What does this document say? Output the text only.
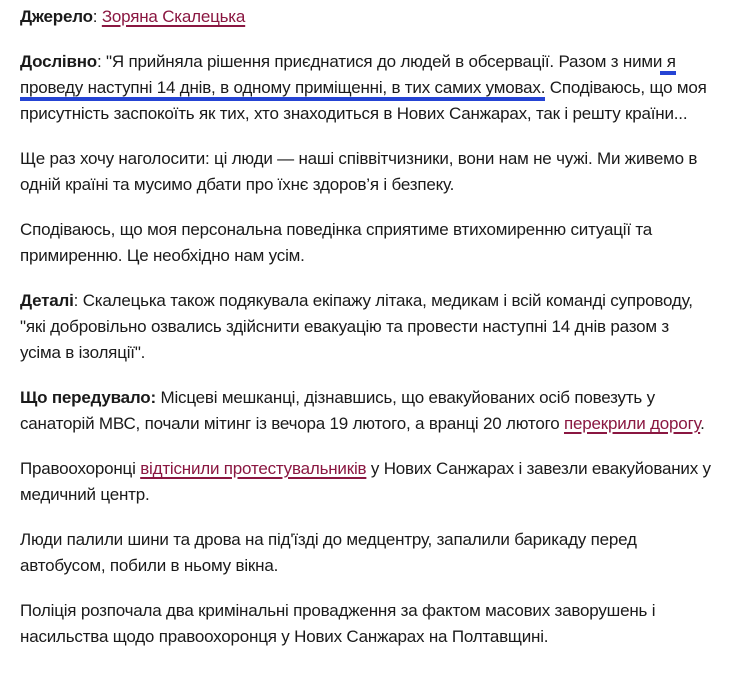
Джерело: Зоряна Скалецька

Дослівно: "Я прийняла рішення приєднатися до людей в обсервації. Разом з ними я проведу наступні 14 днів, в одному приміщенні, в тих самих умовах. Сподіваюсь, що моя присутність заспокоїть як тих, хто знаходиться в Нових Санжарах, так і решту країни...

Ще раз хочу наголосити: ці люди — наші співвітчизники, вони нам не чужі. Ми живемо в одній країні та мусимо дбати про їхнє здоров’я і безпеку.

Сподіваюсь, що моя персональна поведінка сприятиме втихомиренню ситуації та примиренню. Це необхідно нам усім.

Деталі: Скалецька також подякувала екіпажу літака, медикам і всій команді супроводу, "які добровільно озвались здійснити евакуацію та провести наступні 14 днів разом з усіма в ізоляції".

Що передувало: Місцеві мешканці, дізнавшись, що евакуйованих осіб повезуть у санаторій МВС, почали мітинг із вечора 19 лютого, а вранці 20 лютого перекрили дорогу.

Правоохоронці відтіснили протестувальників у Нових Санжарах і завезли евакуйованих у медичний центр.

Люди палили шини та дрова на під'їзді до медцентру, запалили барикаду перед автобусом, побили в ньому вікна.

Поліція розпочала два кримінальні провадження за фактом масових заворушень і насильства щодо правоохоронця у Нових Санжарах на Полтавщині.
